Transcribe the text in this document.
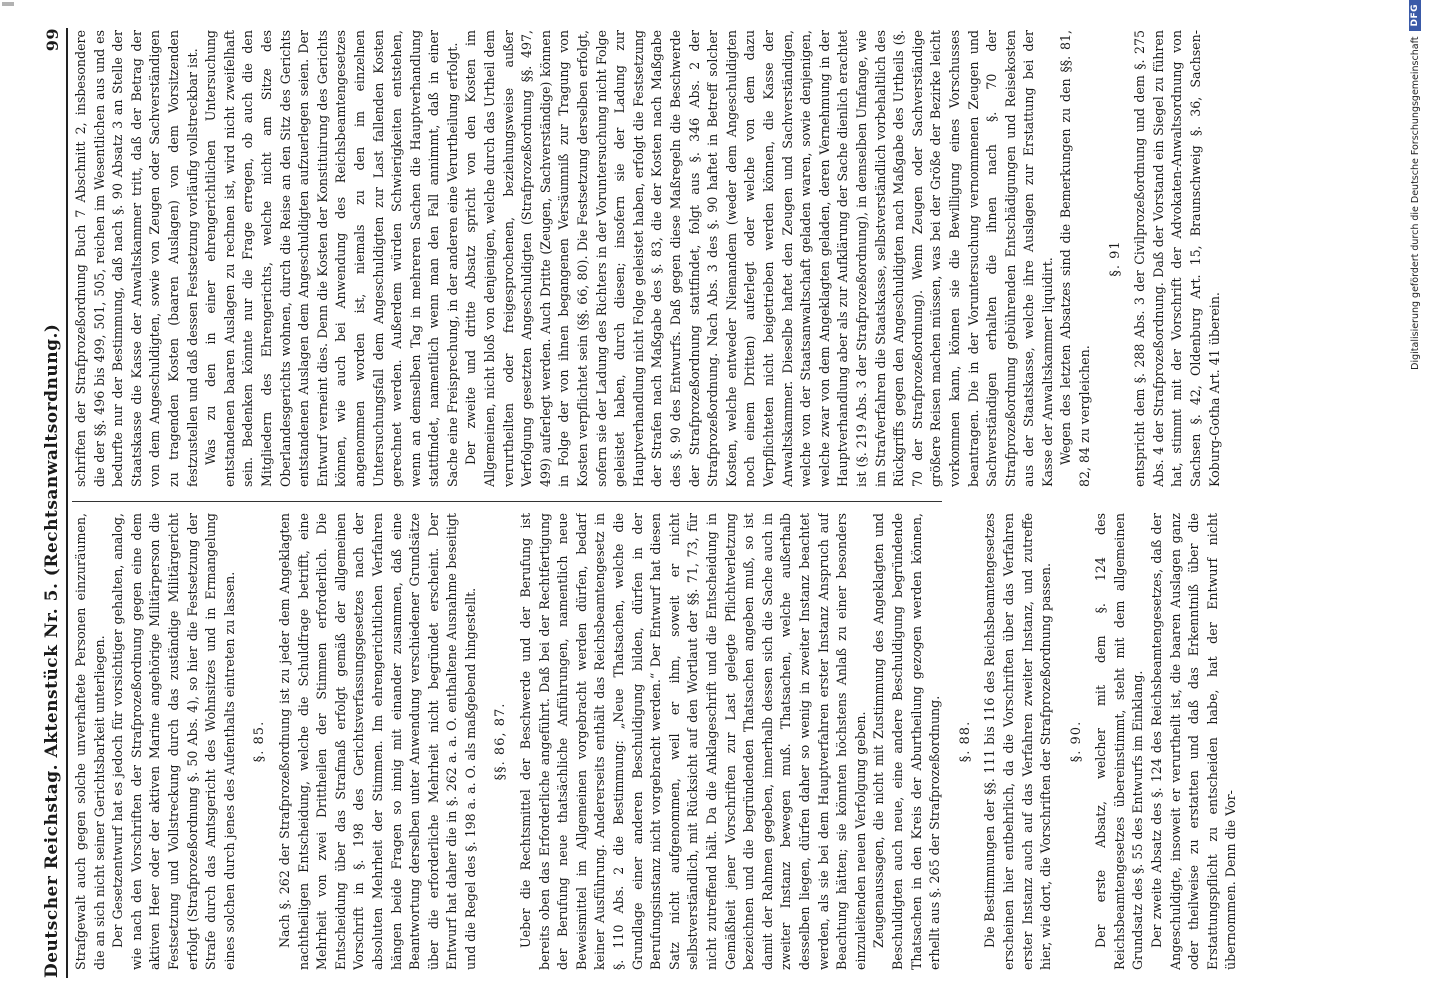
Deutscher Reichstag. Aktenstück Nr. 5. (Rechtsanwaltsordnung.)
99

Strafgewalt auch gegen solche unverhaftete Personen einzuräumen, die an sich nicht seiner Gerichtsbarkeit unterliegen. Der Gesetzentwurf hat es jedoch für vorsichtiger gehalten, analog, wie nach den Vorschriften der Strafprozeßordnung gegen eine dem aktiven Heer oder der aktiven Marine angehörige Militärperson die Festsetzung und Vollstreckung durch das zuständige Militärgericht erfolgt (Strafprozeßordnung §. 50 Abs. 4), so hier die Festsetzung der Strafe durch das Amtsgericht des Wohnsitzes und in Ermangelung eines solchen durch jenes des Aufenthalts eintreten zu lassen. §. 85. Nach §. 262 der Strafprozeßordnung ist zu jeder dem Angeklagten nachtheiligen Entscheidung, welche die Schuldfrage betrifft, eine Mehrheit von zwei Drittheilen der Stimmen erforderlich. Die Entscheidung über das Strafmaß erfolgt gemäß der allgemeinen Vorschrift in §. 198 des Gerichtsverfassungsgesetzes nach der absoluten Mehrheit der Stimmen. Im ehrengerichtlichen Verfahren hängen beide Fragen so innig mit einander zusammen, daß eine Beantwortung derselben unter Anwendung verschiedener Grundsätze über die erforderliche Mehrheit nicht begründet erscheint. Der Entwurf hat daher die in §. 262 a. a. O. enthaltene Ausnahme beseitigt und die Regel des §. 198 a. a. O. als maßgebend hingestellt. §§. 86, 87. Ueber die Rechtsmittel der Beschwerde und der Berufung ist bereits oben das Erforderliche angeführt. Daß bei der Rechtfertigung der Berufung neue thatsächliche Anführungen, namentlich neue Beweismittel im Allgemeinen vorgebracht werden dürfen, bedarf keiner Ausführung. Andererseits enthält das Reichsbeamtengesetz in §. 110 Abs. 2 die Bestimmung: „Neue Thatsachen, welche die Grundlage einer anderen Beschuldigung bilden, dürfen in der Berufungsinstanz nicht vorgebracht werden.“ Der Entwurf hat diesen Satz nicht aufgenommen, weil er ihm, soweit er nicht selbstverständlich, mit Rücksicht auf den Wortlaut der §§. 71, 73, für nicht zutreffend hält. Da die Anklageschrift und die Entscheidung in Gemäßheit jener Vorschriften zur Last gelegte Pflichtverletzung bezeichnen und die begründenden Thatsachen angeben muß, so ist damit der Rahmen gegeben, innerhalb dessen sich die Sache auch in zweiter Instanz bewegen muß. Thatsachen, welche außerhalb desselben liegen, dürfen daher so wenig in zweiter Instanz beachtet werden, als sie bei dem Hauptverfahren erster Instanz Anspruch auf Beachtung hätten; sie könnten höchstens Anlaß zu einer besonders einzuleitenden neuen Verfolgung geben. Zeugenaussagen, die nicht mit Zustimmung des Angeklagten und Beschuldigten auch neue, eine andere Beschuldigung begründende Thatsachen in den Kreis der Aburtheilung gezogen werden können, erhellt aus §. 265 der Strafprozeßordnung. §. 88. Die Bestimmungen der §§. 111 bis 116 des Reichsbeamtengesetzes erscheinen hier entbehrlich, da die Vorschriften über das Verfahren erster Instanz auch auf das Verfahren zweiter Instanz, und zutreffe hier, wie dort, die Vorschriften der Strafprozeßordnung passen. §. 90. Der erste Absatz, welcher mit dem §. 124 des Reichsbeamtengesetzes übereinstimmt, steht mit dem allgemeinen Grundsatz des §. 55 des Entwurfs im Einklang. Der zweite Absatz des §. 124 des Reichsbeamtengesetzes, daß der Angeschuldigte, insoweit er verurtheilt ist, die baaren Auslagen ganz oder theilweise zu erstatten und daß das Erkenntniß über die Erstattungspflicht zu entscheiden habe, hat der Entwurf nicht übernommen. Denn die Vor-

schriften der Strafprozeßordnung Buch 7 Abschnitt 2, insbesondere die der §§. 496 bis 499, 501, 505, reichen im Wesentlichen aus und es bedurfte nur der Bestimmung, daß nach §. 90 Absatz 3 an Stelle der Staatskasse die Kasse der Anwaltskammer tritt, daß der Betrag der von dem Angeschuldigten, sowie von Zeugen oder Sachverständigen zu tragenden Kosten (baaren Auslagen) von dem Vorsitzenden festzustellen und daß dessen Festsetzung vorläufig vollstreckbar ist. Was zu den in einer ehrengerichtlichen Untersuchung entstandenen baaren Auslagen zu rechnen ist, wird nicht zweifelhaft sein. Bedenken könnte nur die Frage erregen, ob auch die den Mitgliedern des Ehrengerichts, welche nicht am Sitze des Oberlandesgerichts wohnen, durch die Reise an den Sitz des Gerichts entstandenen Auslagen dem Angeschuldigten aufzuerlegen seien. Der Entwurf verneint dies. Denn die Kosten der Konstituirung des Gerichts können, wie auch bei Anwendung des Reichsbeamtengesetzes angenommen worden ist, niemals zu den im einzelnen Untersuchungsfall dem Angeschuldigten zur Last fallenden Kosten gerechnet werden. Außerdem würden Schwierigkeiten entstehen, wenn an demselben Tag in mehreren Sachen die Hauptverhandlung stattfindet, namentlich wenn man den Fall annimmt, daß in einer Sache eine Freisprechung, in der anderen eine Verurtheilung erfolgt. Der zweite und dritte Absatz spricht von den Kosten im Allgemeinen, nicht bloß von denjenigen, welche durch das Urtheil dem verurtheilten oder freigesprochenen, beziehungsweise außer Verfolgung gesetzten Angeschuldigten (Strafprozeßordnung §§. 497, 499) auferlegt werden. Auch Dritte (Zeugen, Sachverständige) können in Folge der von ihnen begangenen Versäumniß zur Tragung von Kosten verpflichtet sein (§§. 66, 80). Die Festsetzung derselben erfolgt, sofern sie der Ladung des Richters in der Voruntersuchung nicht Folge geleistet haben, durch diesen; insofern sie der Ladung zur Hauptverhandlung nicht Folge geleistet haben, erfolgt die Festsetzung der Strafen nach Maßgabe des §. 83, die der Kosten nach Maßgabe des §. 90 des Entwurfs. Daß gegen diese Maßregeln die Beschwerde der Strafprozeßordnung stattfindet, folgt aus §. 346 Abs. 2 der Strafprozeßordnung. Nach Abs. 3 des §. 90 haftet in Betreff solcher Kosten, welche entweder Niemandem (weder dem Angeschuldigten noch einem Dritten) auferlegt oder welche von dem dazu Verpflichteten nicht beigetrieben werden können, die Kasse der Anwaltskammer. Dieselbe haftet den Zeugen und Sachverständigen, welche von der Staatsanwaltschaft geladen waren, sowie denjenigen, welche zwar von dem Angeklagten geladen, deren Vernehmung in der Hauptverhandlung aber als zur Aufklärung der Sache dienlich erachtet ist (§. 219 Abs. 3 der Strafprozeßordnung), in demselben Umfange, wie im Strafverfahren die Staatskasse, selbstverständlich vorbehaltlich des Rückgriffs gegen den Angeschuldigten nach Maßgabe des Urtheils (§. 70 der Strafprozeßordnung). Wenn Zeugen oder Sachverständige größere Reisen machen müssen, was bei der Größe der Bezirke leicht vorkommen kann, können sie die Bewilligung eines Vorschusses beantragen. Die in der Voruntersuchung vernommenen Zeugen und Sachverständigen erhalten die ihnen nach §. 70 der Strafprozeßordnung gebührenden Entschädigungen und Reisekosten aus der Staatskasse, welche ihre Auslagen zur Erstattung bei der Kasse der Anwaltskammer liquidirt. Wegen des letzten Absatzes sind die Bemerkungen zu den §§. 81, 82, 84 zu vergleichen.

§. 91 entspricht dem §. 288 Abs. 3 der Civilprozeßordnung und dem §. 275 Abs. 4 der Strafprozeßordnung. Daß der Vorstand ein Siegel zu führen hat, stimmt mit der Vorschrift der Advokaten-Anwaltsordnung von Sachsen §. 42, Oldenburg Art. 15, Braunschweig §. 36, Sachsen-Koburg-Gotha Art. 41 überein.

Digitalisierung gefördert durch die Deutsche Forschungsgemeinschaft
DFG
